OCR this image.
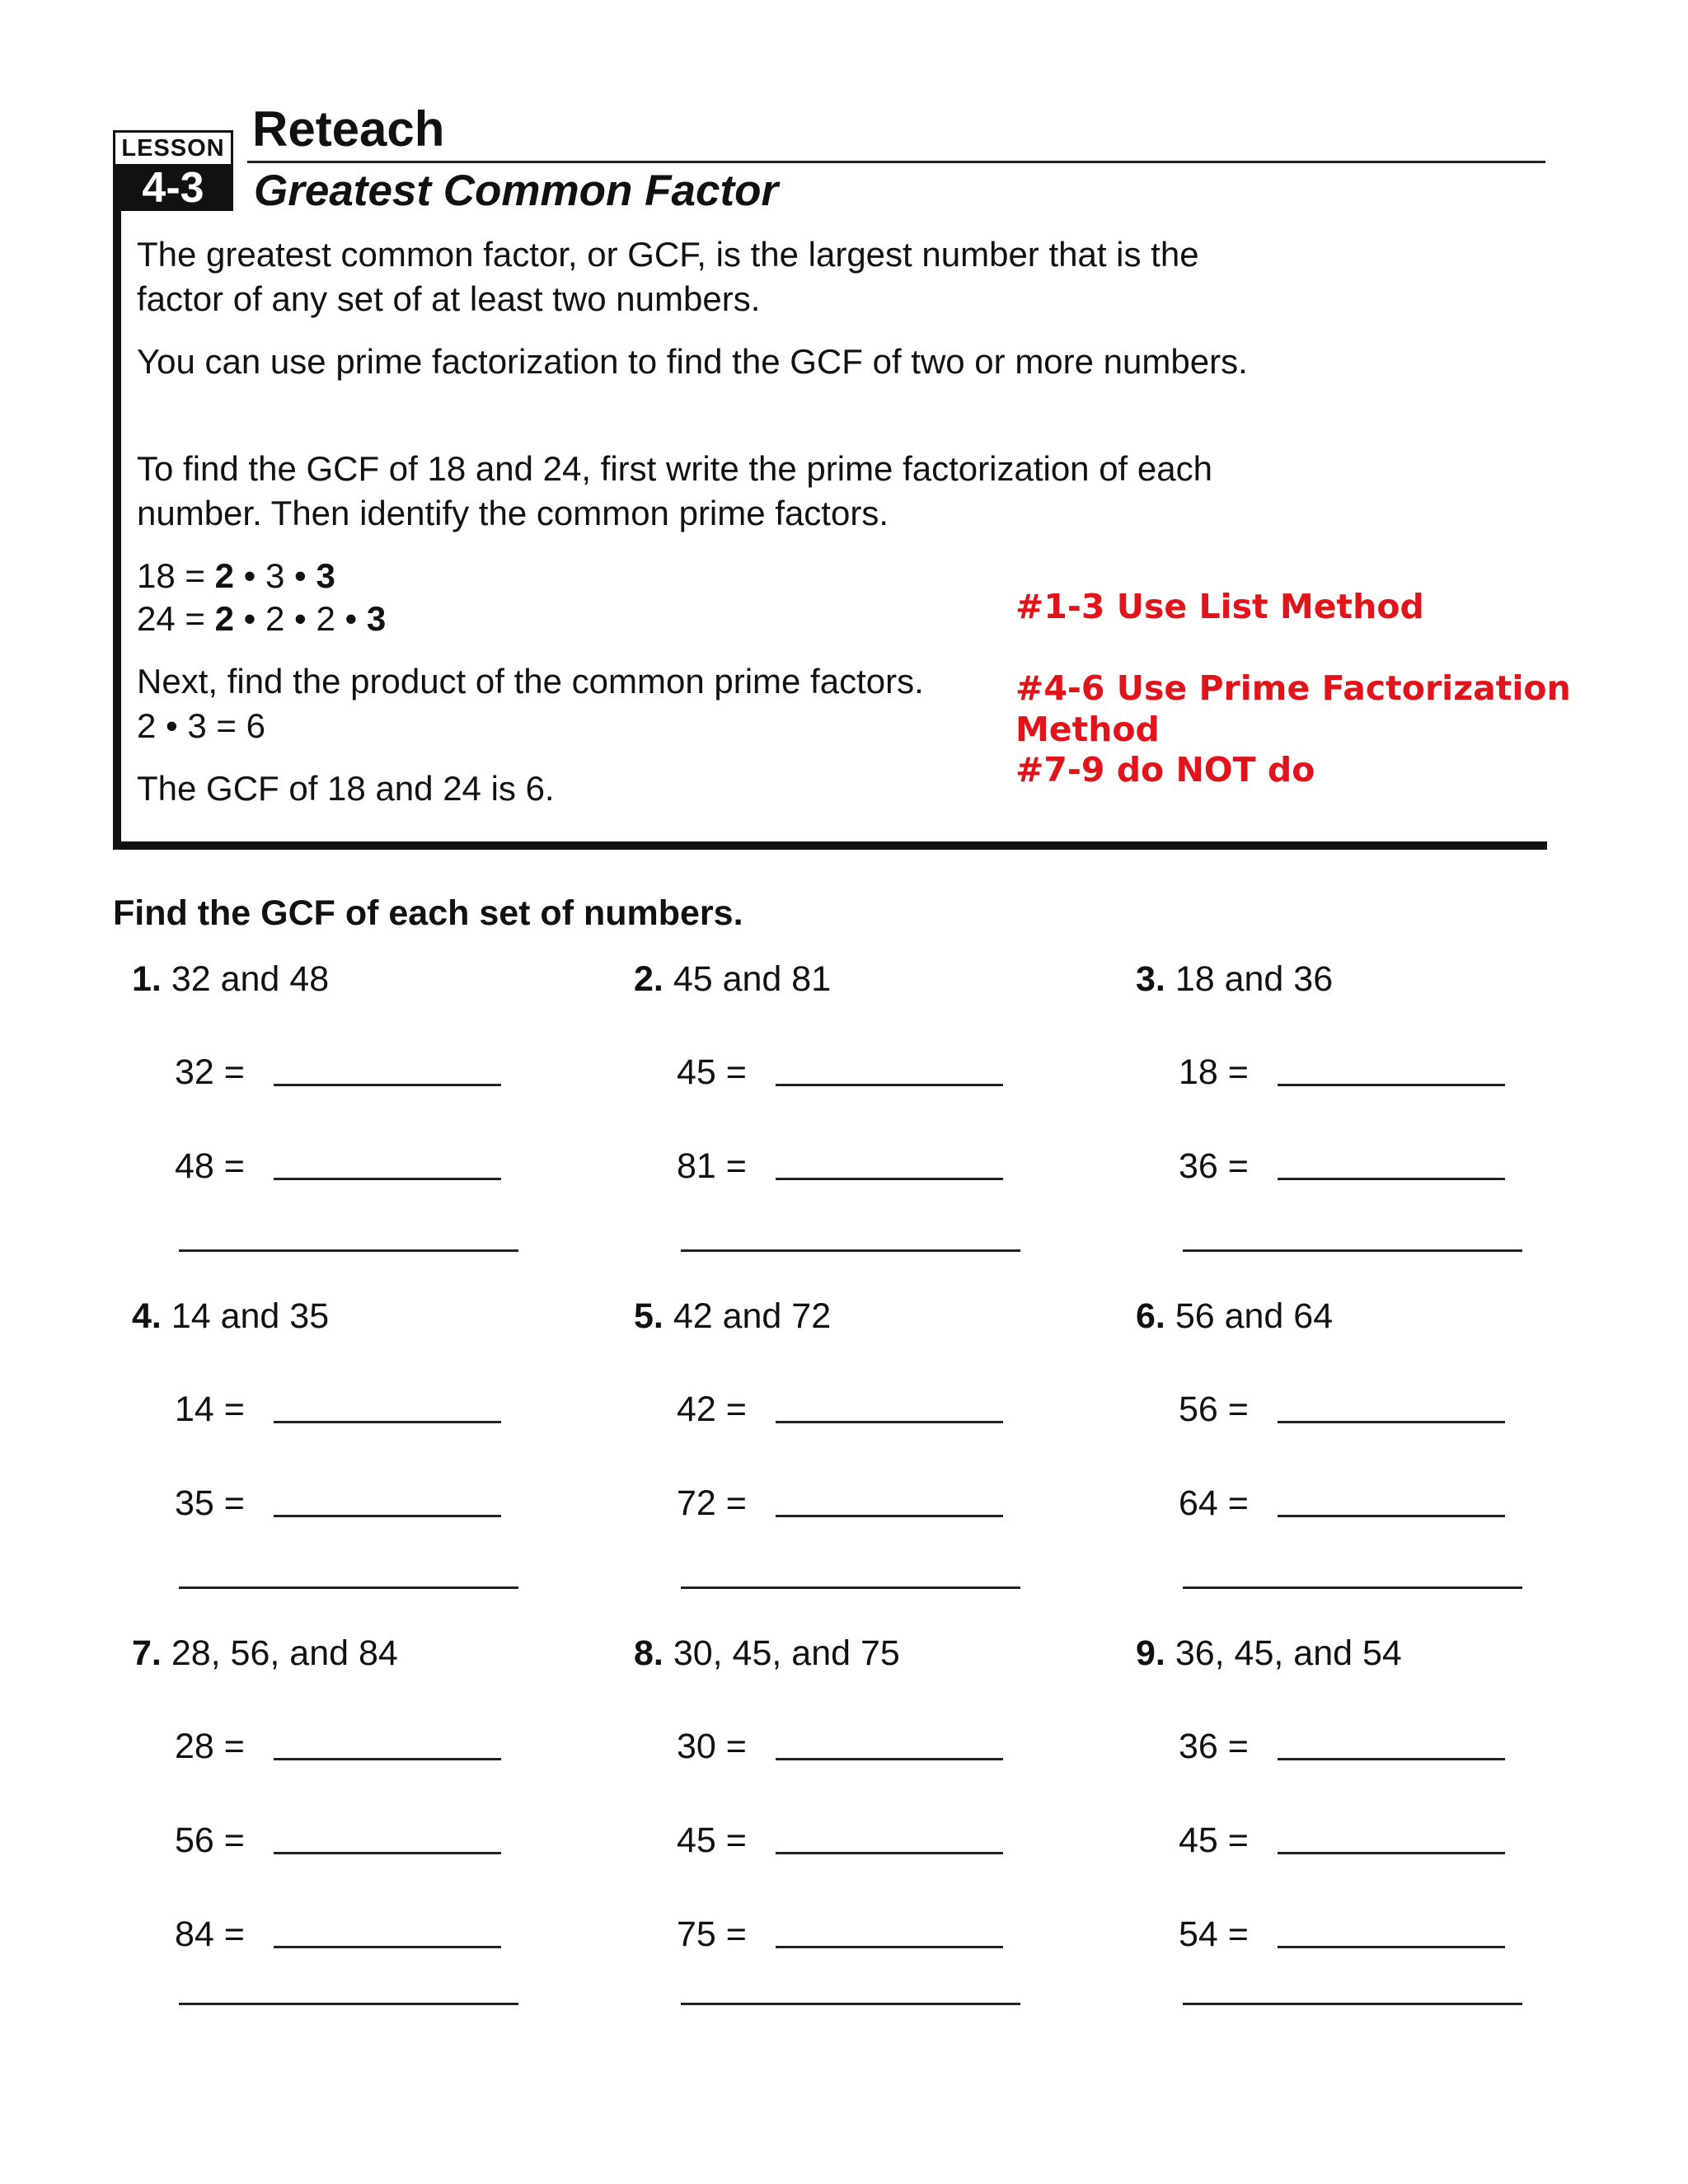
LESSON
4-3
Reteach
Greatest Common Factor
The greatest common factor, or GCF, is the largest number that is the factor of any set of at least two numbers.
You can use prime factorization to find the GCF of two or more numbers.
To find the GCF of 18 and 24, first write the prime factorization of each number. Then identify the common prime factors.
18 = 2 • 3 • 3
24 = 2 • 2 • 2 • 3
Next, find the product of the common prime factors.
2 • 3 = 6
The GCF of 18 and 24 is 6.
#1-3 Use List Method
#4-6 Use Prime Factorization Method
#7-9 do NOT do
Find the GCF of each set of numbers.
1. 32 and 48
32 =
48 =
2. 45 and 81
45 =
81 =
3. 18 and 36
18 =
36 =
4. 14 and 35
14 =
35 =
5. 42 and 72
42 =
72 =
6. 56 and 64
56 =
64 =
7. 28, 56, and 84
28 =
56 =
84 =
8. 30, 45, and 75
30 =
45 =
75 =
9. 36, 45, and 54
36 =
45 =
54 =
